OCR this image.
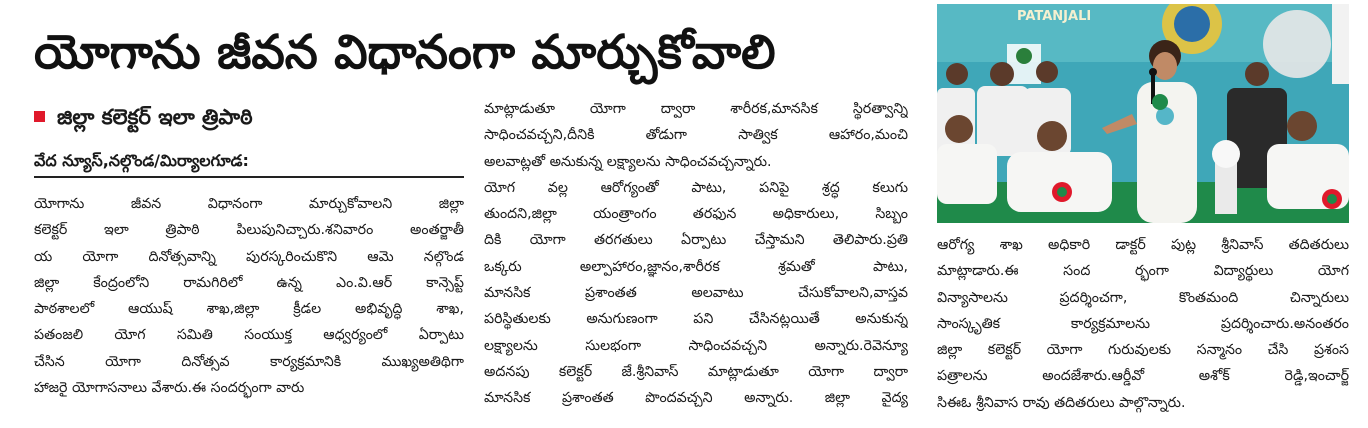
యోగాను జీవన విధానంగా మార్చుకోవాలి
జిల్లా కలెక్టర్ ఇలా త్రిపాఠి
వేద న్యూస్,నల్గొండ/మిర్యాలగూడ:
యోగాను జీవన విధానంగా మార్చుకోవాలని జిల్లా
కలెక్టర్ ఇలా త్రిపాఠి పిలుపునిచ్చారు.శనివారం అంతర్జాతీ
య యోగా దినోత్సవాన్ని పురస్కరించుకొని ఆమె నల్గొండ
జిల్లా కేంద్రంలోని రామగిరిలో ఉన్న ఎం.వి.ఆర్ కాన్సెప్ట్
పాఠశాలలో ఆయుష్ శాఖ,జిల్లా క్రీడల అభివృద్ధి శాఖ,
పతంజలి యోగ సమితి సంయుక్త ఆధ్వర్యంలో ఏర్పాటు
చేసిన యోగా దినోత్సవ కార్యక్రమానికి ముఖ్యఅతిథిగా
హాజరై యోగాసనాలు వేశారు.ఈ సందర్భంగా వారు
మాట్లాడుతూ యోగా ద్వారా శారీరక,మానసిక స్థిరత్వాన్ని
సాధించవచ్చని,దీనికి తోడుగా సాత్విక ఆహారం,మంచి
అలవాట్లతో అనుకున్న లక్ష్యాలను సాధించవచ్చన్నారు.
యోగ వల్ల ఆరోగ్యంతో పాటు, పనిపై శ్రద్ధ కలుగు
తుందని,జిల్లా యంత్రాంగం తరఫున అధికారులు, సిబ్బం
దికి యోగా తరగతులు ఏర్పాటు చేస్తామని తెలిపారు.ప్రతి
ఒక్కరు అల్పాహారం,జ్ఞానం,శారీరక శ్రమతో పాటు,
మానసిక ప్రశాంతత అలవాటు చేసుకోవాలని,వాస్తవ
పరిస్థితులకు అనుగుణంగా పని చేసినట్లయితే అనుకున్న
లక్ష్యాలను సులభంగా సాధించవచ్చని అన్నారు.రెవెన్యూ
అదనపు కలెక్టర్ జే.శ్రీనివాస్ మాట్లాడుతూ యోగా ద్వారా
మానసిక ప్రశాంతత పొందవచ్చని అన్నారు. జిల్లా వైద్య
PATANJALI
ఆరోగ్య శాఖ అధికారి డాక్టర్ పుట్ల శ్రీనివాస్ తదితరులు
మాట్లాడారు.ఈ సంద ర్భంగా విద్యార్థులు యోగ
విన్యాసాలను ప్రదర్శించగా, కొంతమంది చిన్నారులు
సాంస్కృతిక కార్యక్రమాలను ప్రదర్శించారు.అనంతరం
జిల్లా కలెక్టర్ యోగా గురువులకు సన్మానం చేసి ప్రశంస
పత్రాలను అందజేశారు.ఆర్డీవో అశోక్ రెడ్డి,ఇంచార్జ్
సిఈఓ శ్రీనివాస రావు తదితరులు పాల్గొన్నారు.
